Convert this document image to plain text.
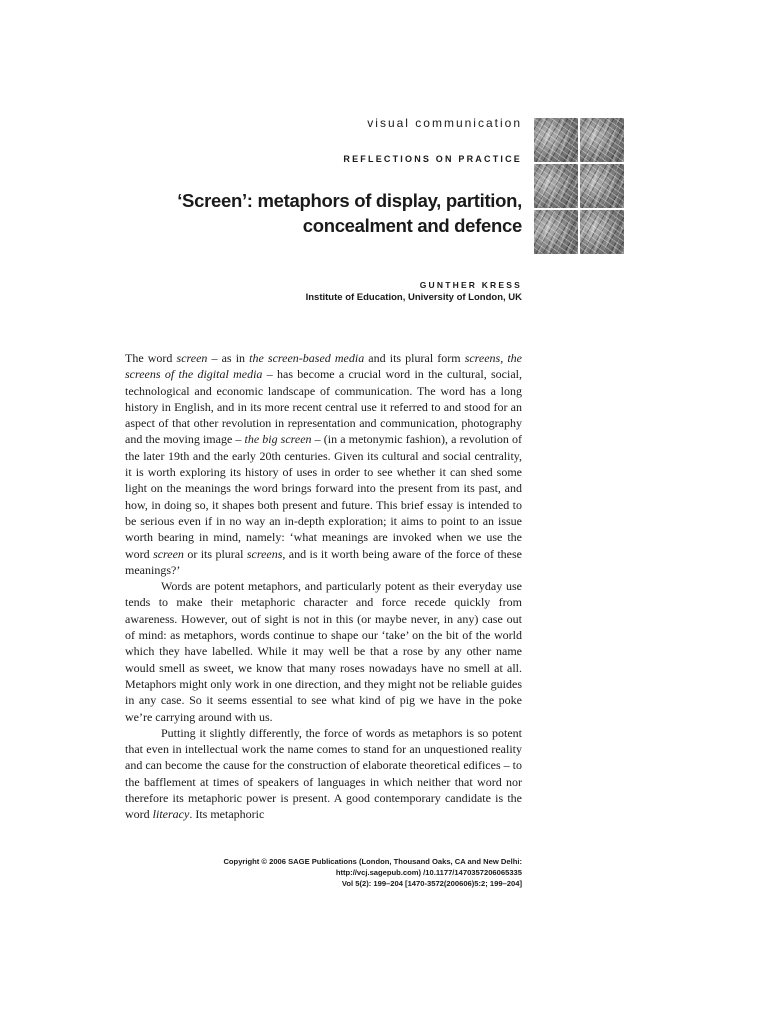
visual communication
REFLECTIONS ON PRACTICE
‘Screen’: metaphors of display, partition,
concealment and defence
GUNTHER KRESS
Institute of Education, University of London, UK

The word screen – as in the screen-based media and its plural form screens, the screens of the digital media – has become a crucial word in the cultural, social, technological and economic landscape of communication. The word has a long history in English, and in its more recent central use it referred to and stood for an aspect of that other revolution in representation and communication, photography and the moving image – the big screen – (in a metonymic fashion), a revolution of the later 19th and the early 20th centuries. Given its cultural and social centrality, it is worth exploring its history of uses in order to see whether it can shed some light on the meanings the word brings forward into the present from its past, and how, in doing so, it shapes both present and future. This brief essay is intended to be serious even if in no way an in-depth exploration; it aims to point to an issue worth bearing in mind, namely: ‘what meanings are invoked when we use the word screen or its plural screens, and is it worth being aware of the force of these meanings?’

Words are potent metaphors, and particularly potent as their everyday use tends to make their metaphoric character and force recede quickly from awareness. However, out of sight is not in this (or maybe never, in any) case out of mind: as metaphors, words continue to shape our ‘take’ on the bit of the world which they have labelled. While it may well be that a rose by any other name would smell as sweet, we know that many roses nowadays have no smell at all. Metaphors might only work in one direction, and they might not be reliable guides in any case. So it seems essential to see what kind of pig we have in the poke we’re carrying around with us.

Putting it slightly differently, the force of words as metaphors is so potent that even in intellectual work the name comes to stand for an unquestioned reality and can become the cause for the construction of elaborate theoretical edifices – to the bafflement at times of speakers of languages in which neither that word nor therefore its metaphoric power is present. A good contemporary candidate is the word literacy. Its metaphoric

Copyright © 2006 SAGE Publications (London, Thousand Oaks, CA and New Delhi:
http://vcj.sagepub.com) /10.1177/1470357206065335
Vol 5(2): 199–204 [1470-3572(200606)5:2; 199–204]
